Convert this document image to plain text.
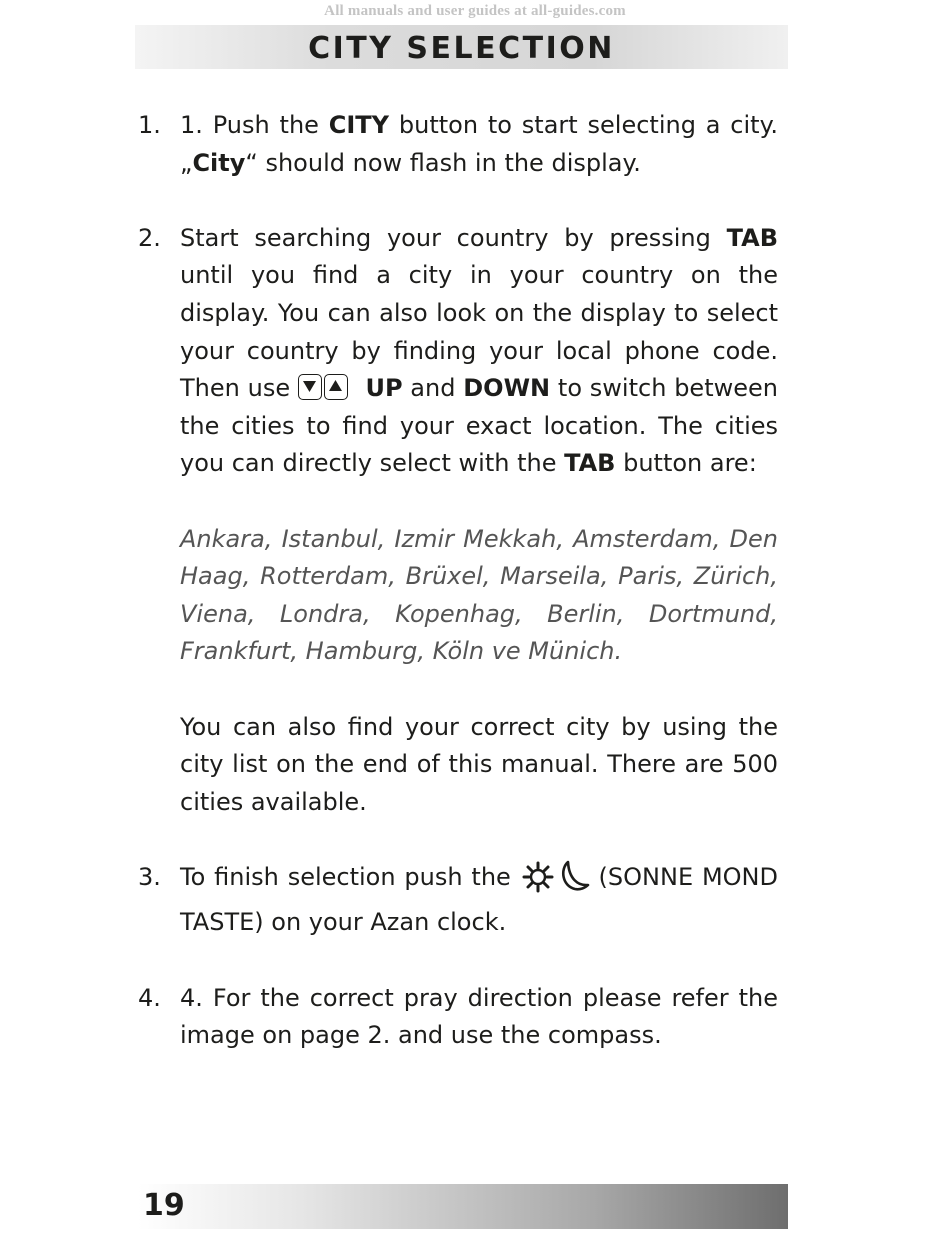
All manuals and user guides at all-guides.com
CITY SELECTION
1. 1. Push the CITY button to start selecting a city. „City“ should now flash in the display.
2. Start searching your country by pressing TAB until you find a city in your country on the display. You can also look on the display to select your country by finding your local phone code. Then use	UP and DOWN to switch between the cities to find your exact location. The cities you can directly select with the TAB button are:

Ankara, Istanbul, Izmir Mekkah, Amsterdam, Den Haag, Rotterdam, Brüxel, Marseila, Paris, Zürich, Viena, Londra, Kopenhag, Berlin, Dortmund, Frankfurt, Hamburg, Köln ve Münich.

You can also find your correct city by using the city list on the end of this manual. There are 500 cities available.

3. To finish selection push the	(SONNE MOND TASTE) on your Azan clock.
4. 4. For the correct pray direction please refer the image on page 2. and use the compass.
19
